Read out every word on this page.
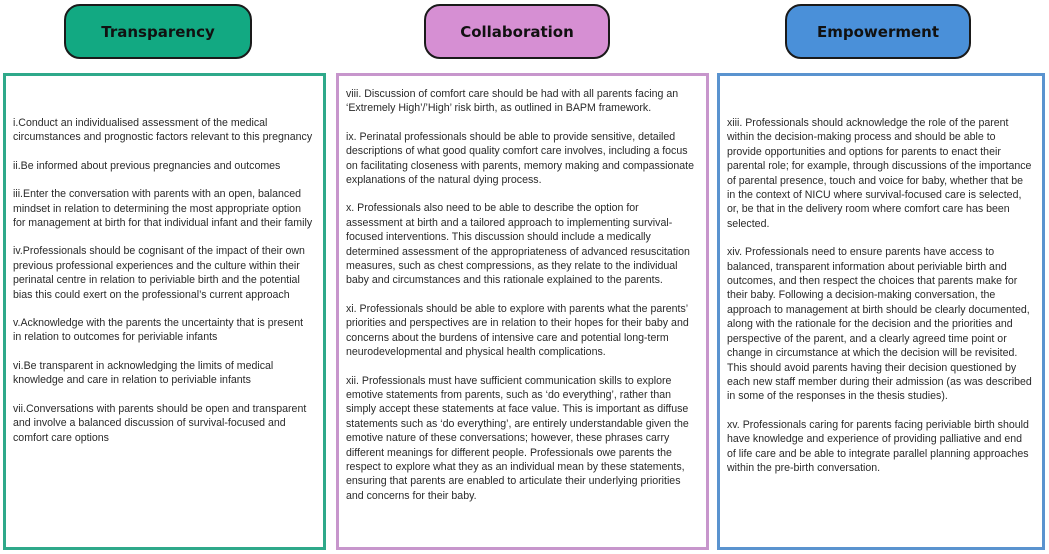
Transparency	Collaboration	Empowerment

i.Conduct an individualised assessment of the medical circumstances and prognostic factors relevant to this pregnancy

ii.Be informed about previous pregnancies and outcomes

iii.Enter the conversation with parents with an open, balanced mindset in relation to determining the most appropriate option for management at birth for that individual infant and their family

iv.Professionals should be cognisant of the impact of their own previous professional experiences and the culture within their perinatal centre in relation to periviable birth and the potential bias this could exert on the professional’s current approach

v.Acknowledge with the parents the uncertainty that is present in relation to outcomes for periviable infants

vi.Be transparent in acknowledging the limits of medical knowledge and care in relation to periviable infants

vii.Conversations with parents should be open and transparent and involve a balanced discussion of survival-focused and comfort care options

viii. Discussion of comfort care should be had with all parents facing an ‘Extremely High’/’High’ risk birth, as outlined in BAPM framework.

ix. Perinatal professionals should be able to provide sensitive, detailed descriptions of what good quality comfort care involves, including a focus on facilitating closeness with parents, memory making and compassionate explanations of the natural dying process.

x. Professionals also need to be able to describe the option for assessment at birth and a tailored approach to implementing survival-focused interventions. This discussion should include a medically determined assessment of the appropriateness of advanced resuscitation measures, such as chest compressions, as they relate to the individual baby and circumstances and this rationale explained to the parents.

xi. Professionals should be able to explore with parents what the parents’ priorities and perspectives are in relation to their hopes for their baby and concerns about the burdens of intensive care and potential long-term neurodevelopmental and physical health complications.

xii. Professionals must have sufficient communication skills to explore emotive statements from parents, such as ‘do everything’, rather than simply accept these statements at face value. This is important as diffuse statements such as ‘do everything’, are entirely understandable given the emotive nature of these conversations; however, these phrases carry different meanings for different people. Professionals owe parents the respect to explore what they as an individual mean by these statements, ensuring that parents are enabled to articulate their underlying priorities and concerns for their baby.

xiii. Professionals should acknowledge the role of the parent within the decision-making process and should be able to provide opportunities and options for parents to enact their parental role; for example, through discussions of the importance of parental presence, touch and voice for baby, whether that be in the context of NICU where survival-focused care is selected, or, be that in the delivery room where comfort care has been selected.

xiv. Professionals need to ensure parents have access to balanced, transparent information about periviable birth and outcomes, and then respect the choices that parents make for their baby. Following a decision-making conversation, the approach to management at birth should be clearly documented, along with the rationale for the decision and the priorities and perspective of the parent, and a clearly agreed time point or change in circumstance at which the decision will be revisited. This should avoid parents having their decision questioned by each new staff member during their admission (as was described in some of the responses in the thesis studies).

xv. Professionals caring for parents facing periviable birth should have knowledge and experience of providing palliative and end of life care and be able to integrate parallel planning approaches within the pre-birth conversation.
